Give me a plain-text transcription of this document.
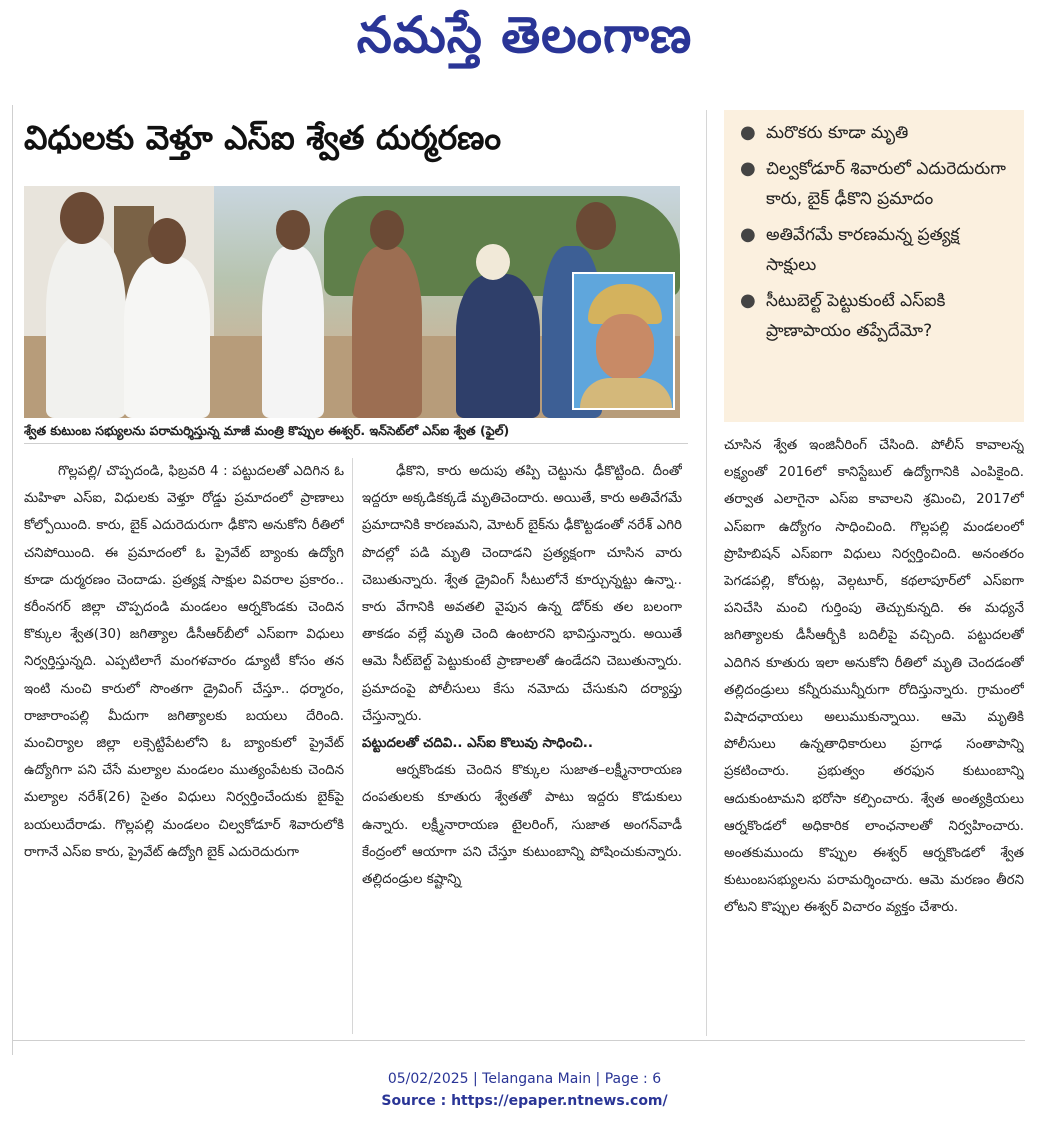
నమస్తే తెలంగాణ
విధులకు వెళ్తూ ఎస్‌ఐ శ్వేత దుర్మరణం
శ్వేత కుటుంబ సభ్యులను పరామర్శిస్తున్న మాజీ మంత్రి కొప్పుల ఈశ్వర్‌. ఇన్‌సెట్‌లో ఎస్‌ఐ శ్వేత (ఫైల్‌)
● మరొకరు కూడా మృతి
● చిల్వకోడూర్‌ శివారులో ఎదురెదురుగా కారు, బైక్‌ ఢీకొని ప్రమాదం
● అతివేగమే కారణమన్న ప్రత్యక్ష సాక్షులు
● సీటుబెల్ట్‌ పెట్టుకుంటే ఎస్‌ఐకి ప్రాణాపాయం తప్పేదేమో?

గొల్లపల్లి/ చొప్పదండి, ఫిబ్రవరి 4 : పట్టుదలతో ఎదిగిన ఓ మహిళా ఎస్‌ఐ, విధులకు వెళ్తూ రోడ్డు ప్రమాదంలో ప్రాణాలు కోల్పోయింది. కారు, బైక్‌ ఎదురెదురుగా ఢీకొని అనుకోని రీతిలో చనిపోయింది. ఈ ప్రమాదంలో ఓ ప్రైవేట్‌ బ్యాంకు ఉద్యోగి కూడా దుర్మరణం చెందాడు. ప్రత్యక్ష సాక్షుల వివరాల ప్రకారం.. కరీంనగర్‌ జిల్లా చొప్పదండి మండలం ఆర్నకొండకు చెందిన కొక్కుల శ్వేత(30) జగిత్యాల డీసీఆర్‌బీలో ఎస్‌ఐగా విధులు నిర్వర్తిస్తున్నది. ఎప్పటిలాగే మంగళవారం డ్యూటీ కోసం తన ఇంటి నుంచి కారులో సొంతగా డ్రైవింగ్‌ చేస్తూ.. ధర్మారం, రాజారాంపల్లి మీదుగా జగిత్యాలకు బయలు దేరింది. మంచిర్యాల జిల్లా లక్సెట్టిపేటలోని ఓ బ్యాంకులో ప్రైవేట్‌ ఉద్యోగిగా పని చేసే మల్యాల మండలం ముత్యంపేటకు చెందిన మల్యాల నరేశ్‌(26) సైతం విధులు నిర్వర్తించేందుకు బైక్‌పై బయలుదేరాడు. గొల్లపల్లి మండలం చిల్వకోడూర్‌ శివారులోకి రాగానే ఎస్‌ఐ కారు, ప్రైవేట్‌ ఉద్యోగి బైక్‌ ఎదురెదురుగా

ఢీకొని, కారు అదుపు తప్పి చెట్టును ఢీకొట్టింది. దీంతో ఇద్దరూ అక్కడికక్కడే మృతిచెందారు. అయితే, కారు అతివేగమే ప్రమాదానికి కారణమని, మోటర్‌ బైక్‌ను ఢీకొట్టడంతో నరేశ్‌ ఎగిరి పొదల్లో పడి మృతి చెందాడని ప్రత్యక్షంగా చూసిన వారు చెబుతున్నారు. శ్వేత డ్రైవింగ్‌ సీటులోనే కూర్చున్నట్టు ఉన్నా.. కారు వేగానికి అవతలి వైపున ఉన్న డోర్‌కు తల బలంగా తాకడం వల్లే మృతి చెంది ఉంటారని భావిస్తున్నారు. అయితే ఆమె సీట్‌బెల్ట్‌ పెట్టుకుంటే ప్రాణాలతో ఉండేదని చెబుతున్నారు. ప్రమాదంపై పోలీసులు కేసు నమోదు చేసుకుని దర్యాప్తు చేస్తున్నారు.

పట్టుదలతో చదివి.. ఎస్‌ఐ కొలువు సాధించి..

ఆర్నకొండకు చెందిన కొక్కుల సుజాత–లక్ష్మీనారాయణ దంపతులకు కూతురు శ్వేతతో పాటు ఇద్దరు కొడుకులు ఉన్నారు. లక్ష్మీనారాయణ టైలరింగ్‌, సుజాత అంగన్‌వాడీ కేంద్రంలో ఆయాగా పని చేస్తూ కుటుంబాన్ని పోషించుకున్నారు. తల్లిదండ్రుల కష్టాన్ని

చూసిన శ్వేత ఇంజినీరింగ్‌ చేసింది. పోలీస్‌ కావాలన్న లక్ష్యంతో 2016లో కానిస్టేబుల్‌ ఉద్యోగానికి ఎంపికైంది. తర్వాత ఎలాగైనా ఎస్‌ఐ కావాలని శ్రమించి, 2017లో ఎస్‌ఐగా ఉద్యోగం సాధించింది. గొల్లపల్లి మండలంలో ప్రొహిబిషన్‌ ఎస్‌ఐగా విధులు నిర్వర్తించింది. అనంతరం పెగడపల్లి, కోరుట్ల, వెల్గటూర్‌, కథలాపూర్‌లో ఎస్‌ఐగా పనిచేసి మంచి గుర్తింపు తెచ్చుకున్నది. ఈ మధ్యనే జగిత్యాలకు డీసీఆర్బీకి బదిలీపై వచ్చింది. పట్టుదలతో ఎదిగిన కూతురు ఇలా అనుకోని రీతిలో మృతి చెందడంతో తల్లిదండ్రులు కన్నీరుమున్నీరుగా రోదిస్తున్నారు. గ్రామంలో విషాదఛాయలు అలుముకున్నాయి. ఆమె మృతికి పోలీసులు ఉన్నతాధికారులు ప్రగాఢ సంతాపాన్ని ప్రకటించారు. ప్రభుత్వం తరఫున కుటుంబాన్ని ఆదుకుంటామని భరోసా కల్పించారు. శ్వేత అంత్యక్రియలు ఆర్నకొండలో అధికారిక లాంఛనాలతో నిర్వహించారు. అంతకుముందు కొప్పుల ఈశ్వర్‌ ఆర్నకొండలో శ్వేత కుటుంబసభ్యులను పరామర్శించారు. ఆమె మరణం తీరని లోటని కొప్పుల ఈశ్వర్‌ విచారం వ్యక్తం చేశారు.

05/02/2025 | Telangana Main | Page : 6
Source : https://epaper.ntnews.com/
